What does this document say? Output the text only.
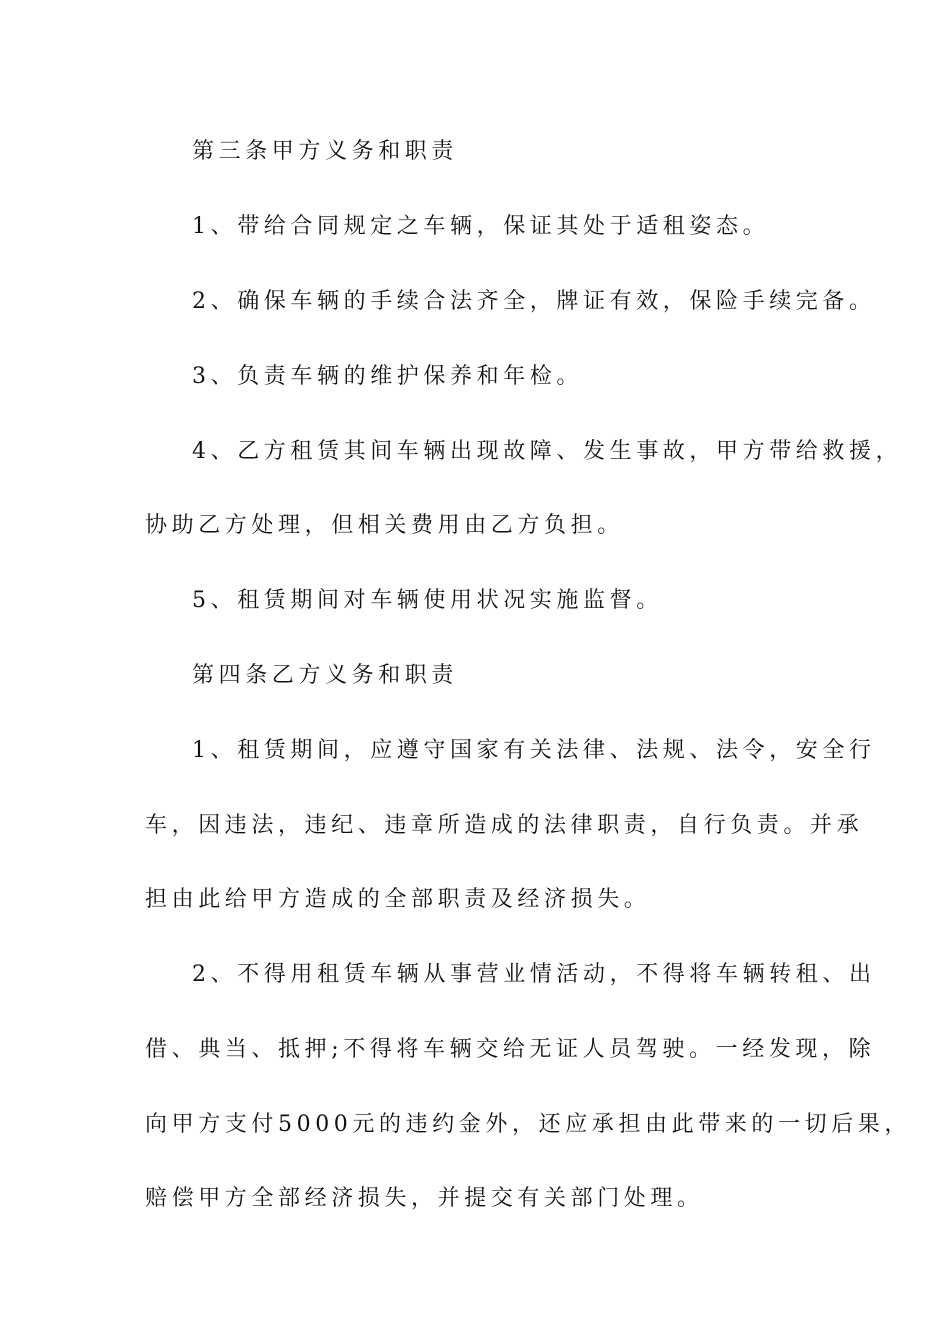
第三条甲方义务和职责
1、带给合同规定之车辆，保证其处于适租姿态。
2、确保车辆的手续合法齐全，牌证有效，保险手续完备。
3、负责车辆的维护保养和年检。
4、乙方租赁其间车辆出现故障、发生事故，甲方带给救援，
协助乙方处理，但相关费用由乙方负担。
5、租赁期间对车辆使用状况实施监督。
第四条乙方义务和职责
1、租赁期间，应遵守国家有关法律、法规、法令，安全行
车，因违法，违纪、违章所造成的法律职责，自行负责。并承
担由此给甲方造成的全部职责及经济损失。
2、不得用租赁车辆从事营业情活动，不得将车辆转租、出
借、典当、抵押;不得将车辆交给无证人员驾驶。一经发现，除
向甲方支付5000元的违约金外，还应承担由此带来的一切后果，
赔偿甲方全部经济损失，并提交有关部门处理。
